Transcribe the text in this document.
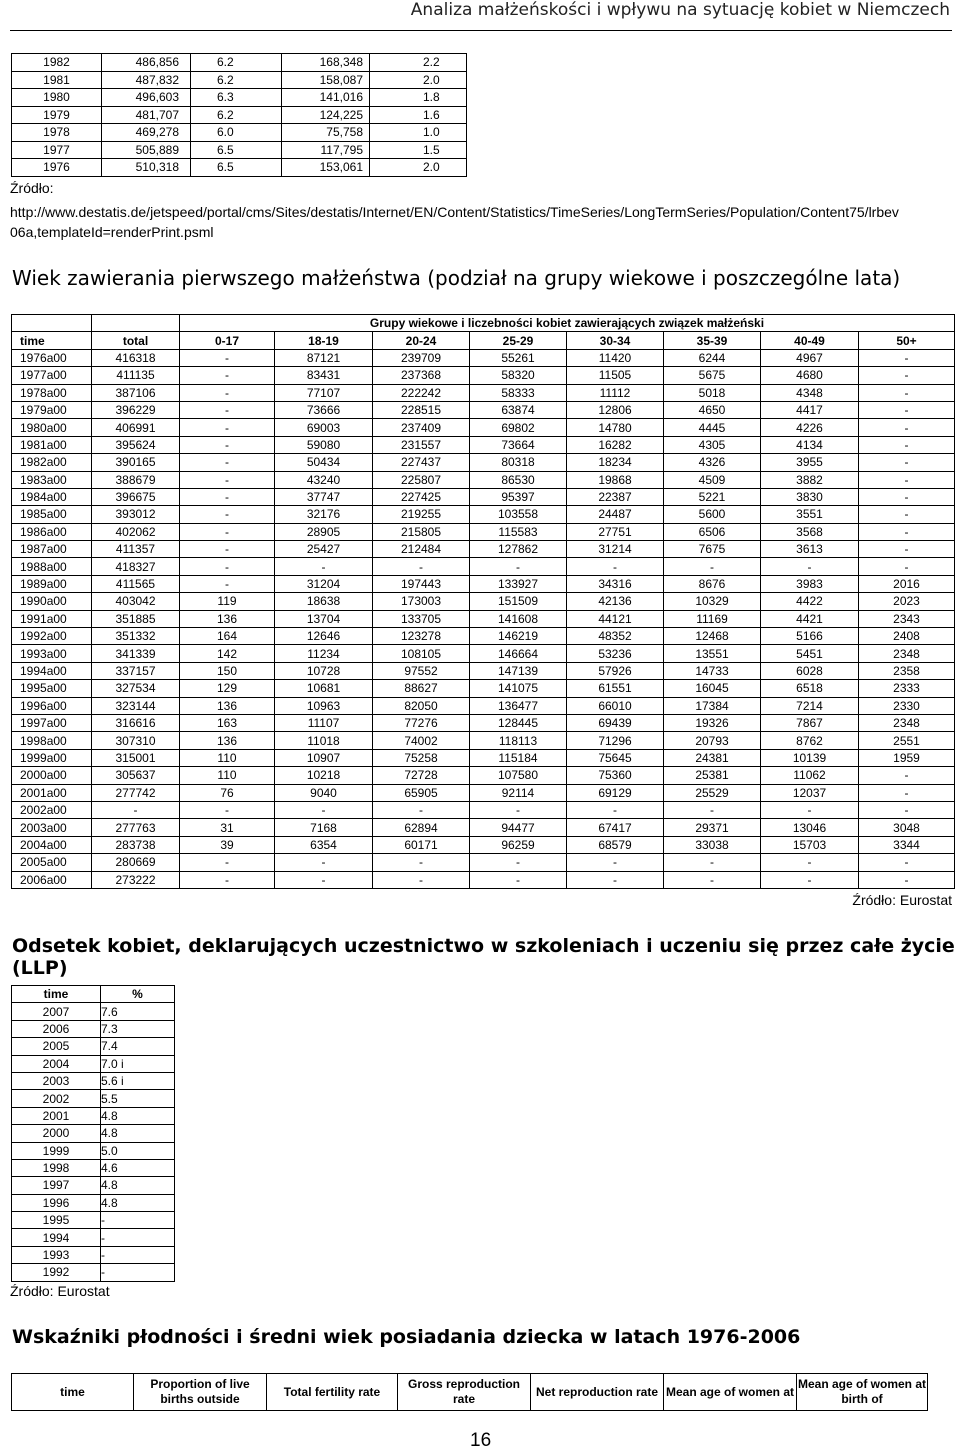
Analiza małżeńskości i wpływu na sytuację kobiet w Niemczech
1982	486,856	6.2	168,348	2.2
1981	487,832	6.2	158,087	2.0
1980	496,603	6.3	141,016	1.8
1979	481,707	6.2	124,225	1.6
1978	469,278	6.0	75,758	1.0
1977	505,889	6.5	117,795	1.5
1976	510,318	6.5	153,061	2.0
Źródło:
http://www.destatis.de/jetspeed/portal/cms/Sites/destatis/Internet/EN/Content/Statistics/TimeSeries/LongTermSeries/Population/Content75/lrbev
06a,templateId=renderPrint.psml
Wiek zawierania pierwszego małżeństwa (podział na grupy wiekowe i poszczególne lata)
		Grupy wiekowe i liczebności kobiet zawierających związek małżeński							
time	total	0-17	18-19	20-24	25-29	30-34	35-39	40-49	50+
1976a00	416318	-	87121	239709	55261	11420	6244	4967	-
1977a00	411135	-	83431	237368	58320	11505	5675	4680	-
1978a00	387106	-	77107	222242	58333	11112	5018	4348	-
1979a00	396229	-	73666	228515	63874	12806	4650	4417	-
1980a00	406991	-	69003	237409	69802	14780	4445	4226	-
1981a00	395624	-	59080	231557	73664	16282	4305	4134	-
1982a00	390165	-	50434	227437	80318	18234	4326	3955	-
1983a00	388679	-	43240	225807	86530	19868	4509	3882	-
1984a00	396675	-	37747	227425	95397	22387	5221	3830	-
1985a00	393012	-	32176	219255	103558	24487	5600	3551	-
1986a00	402062	-	28905	215805	115583	27751	6506	3568	-
1987a00	411357	-	25427	212484	127862	31214	7675	3613	-
1988a00	418327	-	-	-	-	-	-	-	-
1989a00	411565	-	31204	197443	133927	34316	8676	3983	2016
1990a00	403042	119	18638	173003	151509	42136	10329	4422	2023
1991a00	351885	136	13704	133705	141608	44121	11169	4421	2343
1992a00	351332	164	12646	123278	146219	48352	12468	5166	2408
1993a00	341339	142	11234	108105	146664	53236	13551	5451	2348
1994a00	337157	150	10728	97552	147139	57926	14733	6028	2358
1995a00	327534	129	10681	88627	141075	61551	16045	6518	2333
1996a00	323144	136	10963	82050	136477	66010	17384	7214	2330
1997a00	316616	163	11107	77276	128445	69439	19326	7867	2348
1998a00	307310	136	11018	74002	118113	71296	20793	8762	2551
1999a00	315001	110	10907	75258	115184	75645	24381	10139	1959
2000a00	305637	110	10218	72728	107580	75360	25381	11062	-
2001a00	277742	76	9040	65905	92114	69129	25529	12037	-
2002a00	-	-	-	-	-	-	-	-	-
2003a00	277763	31	7168	62894	94477	67417	29371	13046	3048
2004a00	283738	39	6354	60171	96259	68579	33038	15703	3344
2005a00	280669	-	-	-	-	-	-	-	-
2006a00	273222	-	-	-	-	-	-	-	-
Źródło: Eurostat
Odsetek kobiet, deklarujących uczestnictwo w szkoleniach i uczeniu się przez całe życie (LLP)
time	%
2007	7.6
2006	7.3
2005	7.4
2004	7.0 i
2003	5.6 i
2002	5.5
2001	4.8
2000	4.8
1999	5.0
1998	4.6
1997	4.8
1996	4.8
1995	-
1994	-
1993	-
1992	-
Źródło: Eurostat
Wskaźniki płodności i średni wiek posiadania dziecka w latach 1976-2006
time	Proportion of live births outside	Total fertility rate	Gross reproduction rate	Net reproduction rate	Mean age of women at	Mean age of women at birth of
16
